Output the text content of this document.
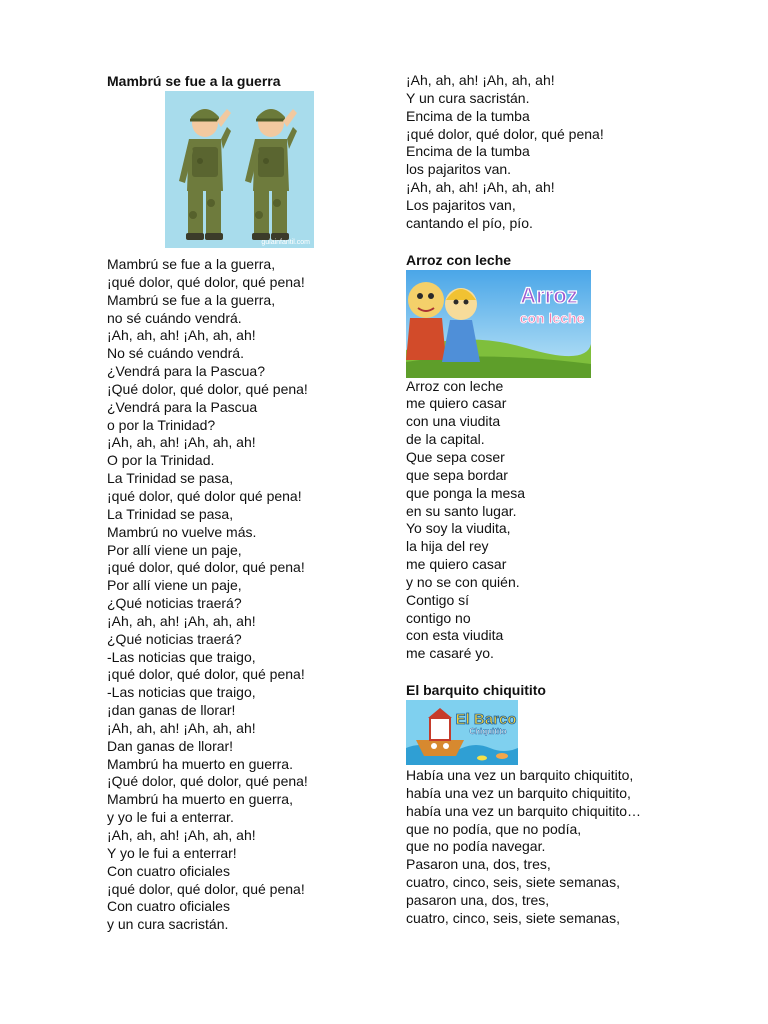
Mambrú se fue a la guerra
guiainfantil.com
Mambrú se fue a la guerra,
¡qué dolor, qué dolor, qué pena!
Mambrú se fue a la guerra,
no sé cuándo vendrá.
¡Ah, ah, ah! ¡Ah, ah, ah!
No sé cuándo vendrá.
¿Vendrá para la Pascua?
¡Qué dolor, qué dolor, qué pena!
¿Vendrá para la Pascua
o por la Trinidad?
¡Ah, ah, ah! ¡Ah, ah, ah!
O por la Trinidad.
La Trinidad se pasa,
¡qué dolor, qué dolor qué pena!
La Trinidad se pasa,
Mambrú no vuelve más.
Por allí viene un paje,
¡qué dolor, qué dolor, qué pena!
Por allí viene un paje,
¿Qué noticias traerá?
¡Ah, ah, ah! ¡Ah, ah, ah!
¿Qué noticias traerá?
-Las noticias que traigo,
¡qué dolor, qué dolor, qué pena!
-Las noticias que traigo,
¡dan ganas de llorar!
¡Ah, ah, ah! ¡Ah, ah, ah!
Dan ganas de llorar!
Mambrú ha muerto en guerra.
¡Qué dolor, qué dolor, qué pena!
Mambrú ha muerto en guerra,
y yo le fui a enterrar.
¡Ah, ah, ah! ¡Ah, ah, ah!
Y yo le fui a enterrar!
Con cuatro oficiales
¡qué dolor, qué dolor, qué pena!
Con cuatro oficiales
y un cura sacristán.
¡Ah, ah, ah! ¡Ah, ah, ah!
Y un cura sacristán.
Encima de la tumba
¡qué dolor, qué dolor, qué pena!
Encima de la tumba
los pajaritos van.
¡Ah, ah, ah! ¡Ah, ah, ah!
Los pajaritos van,
cantando el pío, pío.
Arroz con leche
Arroz
con leche
Arroz con leche
me quiero casar
con una viudita
de la capital.
Que sepa coser
que sepa bordar
que ponga la mesa
en su santo lugar.
Yo soy la viudita,
la hija del rey
me quiero casar
y no se con quién.
Contigo sí
contigo no
con esta viudita
me casaré yo.
El barquito chiquitito
El Barco
Chiquitito
Había una vez un barquito chiquitito,
había una vez un barquito chiquitito,
había una vez un barquito chiquitito…
que no podía, que no podía,
que no podía navegar.
Pasaron una, dos, tres,
cuatro, cinco, seis, siete semanas,
pasaron una, dos, tres,
cuatro, cinco, seis, siete semanas,
